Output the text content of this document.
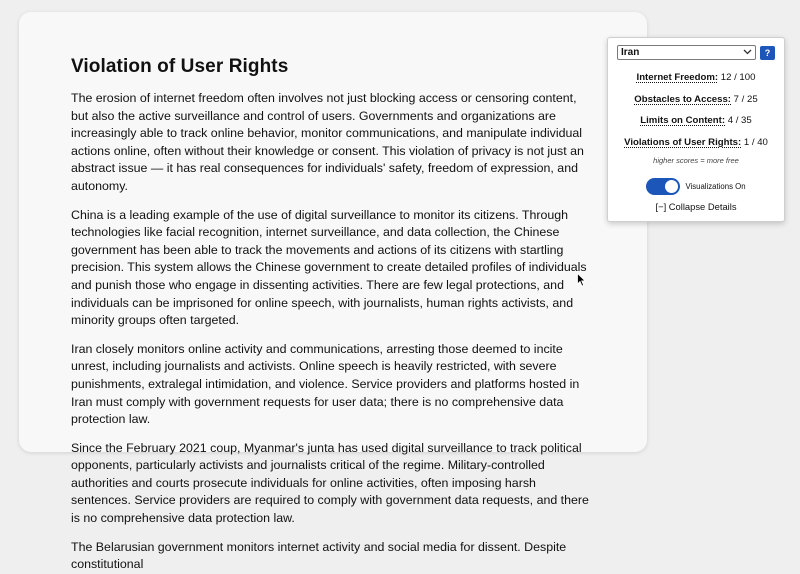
Violation of User Rights

The erosion of internet freedom often involves not just blocking access or censoring content, but also the active surveillance and control of users. Governments and organizations are increasingly able to track online behavior, monitor communications, and manipulate individual actions online, often without their knowledge or consent. This violation of privacy is not just an abstract issue — it has real consequences for individuals' safety, freedom of expression, and autonomy.

China is a leading example of the use of digital surveillance to monitor its citizens. Through technologies like facial recognition, internet surveillance, and data collection, the Chinese government has been able to track the movements and actions of its citizens with startling precision. This system allows the Chinese government to create detailed profiles of individuals and punish those who engage in dissenting activities. There are few legal protections, and individuals can be imprisoned for online speech, with journalists, human rights activists, and minority groups often targeted.

Iran closely monitors online activity and communications, arresting those deemed to incite unrest, including journalists and activists. Online speech is heavily restricted, with severe punishments, extralegal intimidation, and violence. Service providers and platforms hosted in Iran must comply with government requests for user data; there is no comprehensive data protection law.

Since the February 2021 coup, Myanmar's junta has used digital surveillance to track political opponents, particularly activists and journalists critical of the regime. Military-controlled authorities and courts prosecute individuals for online activities, often imposing harsh sentences. Service providers are required to comply with government data requests, and there is no comprehensive data protection law.

The Belarusian government monitors internet activity and social media for dissent. Despite constitutional

Iran	?
Internet Freedom: 12 / 100
Obstacles to Access: 7 / 25
Limits on Content: 4 / 35
Violations of User Rights: 1 / 40
higher scores = more free
Visualizations On
[−] Collapse Details
